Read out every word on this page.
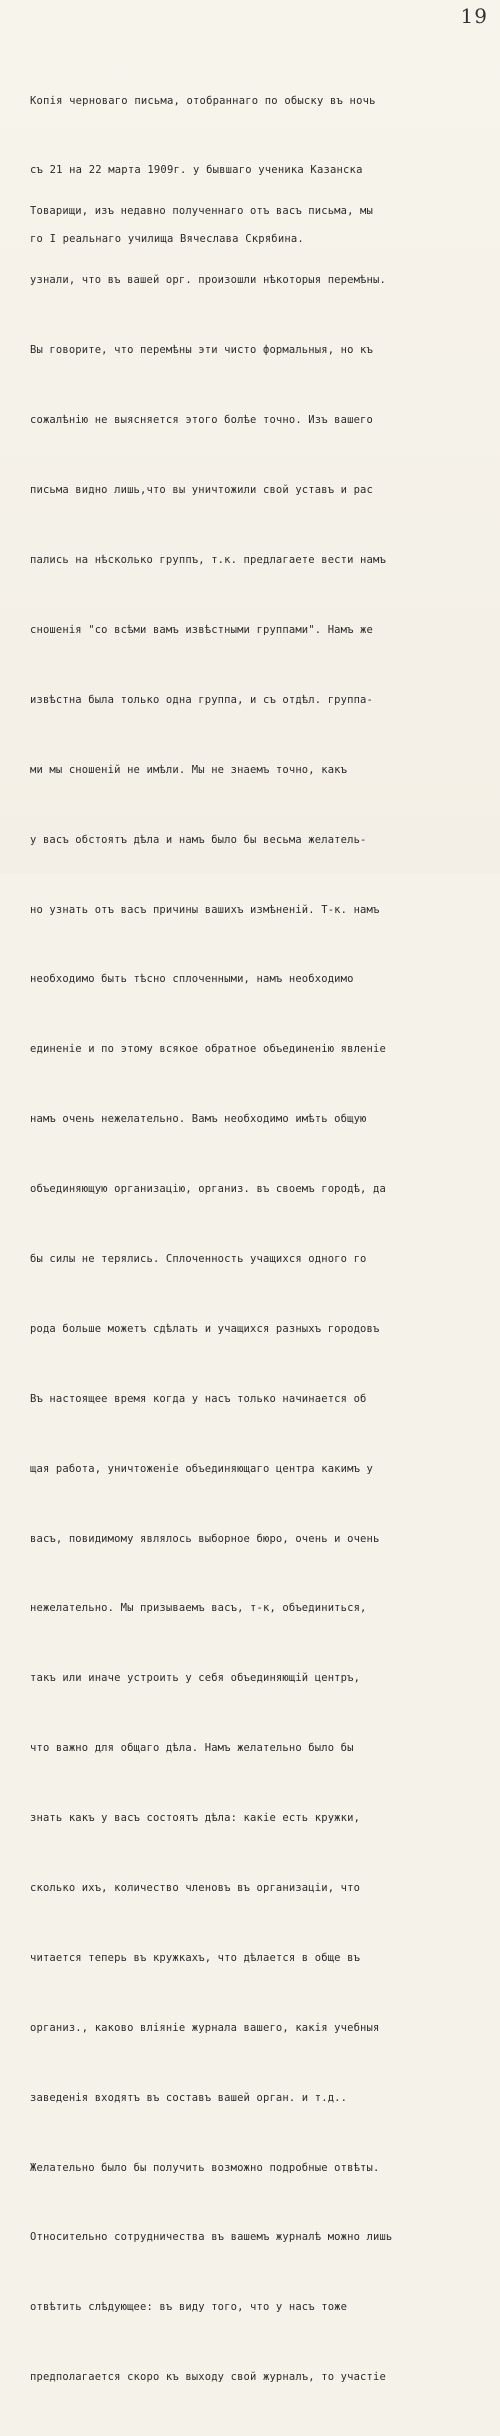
19

Копія черноваго письма, отобраннаго по обыску въ ночь

съ 21 на 22 марта 1909г. у бывшаго ученика Казанска

го I реальнаго училища Вячеслава Скрябина.

Товарищи, изъ недавно полученнаго отъ васъ письма, мы

узнали, что въ вашей орг. произошли нѣкоторыя перемѣны.

Вы говорите, что перемѣны эти чисто формальныя, но къ

сожалѣнію не выясняется этого болѣе точно. Изъ вашего

письма видно лишь,что вы уничтожили свой уставъ и рас

пались на нѣсколько группъ, т.к. предлагаете вести намъ

сношенія "со всѣми вамъ извѣстными группами". Намъ же

извѣстна была только одна группа, и съ отдѣл. группа-

ми мы сношеній не имѣли. Мы не знаемъ точно, какъ

у васъ обстоятъ дѣла и намъ было бы весьма желатель-

но узнать отъ васъ причины вашихъ измѣненій. Т-к. намъ

необходимо быть тѣсно сплоченными, намъ необходимо

единеніе и по этому всякое обратное объединенію явленіе

намъ очень нежелательно. Вамъ необходимо имѣть общую

объединяющую организацію, организ. въ своемъ городѣ, да

бы силы не терялись. Сплоченность учащихся одного го

рода больше можетъ сдѣлать и учащихся разныхъ городовъ

Въ настоящее время когда у насъ только начинается об

щая работа, уничтоженіе объединяющаго центра какимъ у

васъ, повидимому являлось выборное бюро, очень и очень

нежелательно. Мы призываемъ васъ, т-к, объединиться,

такъ или иначе устроить у себя объединяющій центръ,

что важно для общаго дѣла. Намъ желательно было бы

знать какъ у васъ состоятъ дѣла: какіе есть кружки,

сколько ихъ, количество членовъ въ организаціи, что

читается теперь въ кружкахъ, что дѣлается в обще въ

организ., каково вліяніе журнала вашего, какія учебныя

заведенія входятъ въ составъ вашей орган. и т.д..

Желательно было бы получить возможно подробные отвѣты.

Относительно сотрудничества въ вашемъ журналѣ можно лишь

отвѣтить слѣдующее: въ виду того, что у насъ тоже

предполагается скоро къ выходу свой журналъ, то участіе
